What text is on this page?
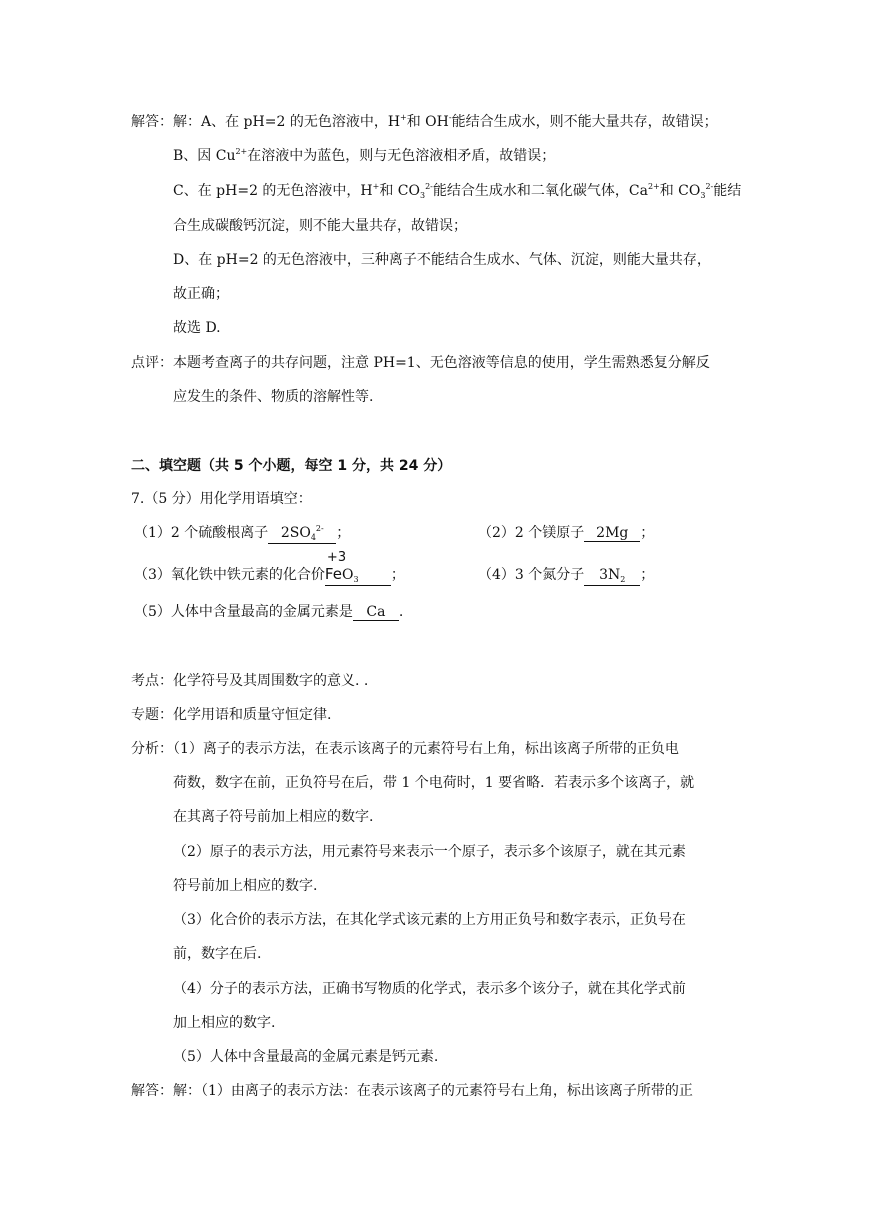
解答：解：A、在 pH=2 的无色溶液中，H+和 OH-能结合生成水，则不能大量共存，故错误；
B、因 $Cu^{2+}$在溶液中为蓝色，则与无色溶液相矛盾，故错误；
C、在 pH=2 的无色溶液中，H+和 $CO_3^{2-}$能结合生成水和二氧化碳气体，$Ca^{2+}$和 $CO_3^{2-}$能结
合生成碳酸钙沉淀，则不能大量共存，故错误；
D、在 pH=2 的无色溶液中，三种离子不能结合生成水、气体、沉淀，则能大量共存，
故正确；
故选 D.
点评：本题考查离子的共存问题，注意 PH=1、无色溶液等信息的使用，学生需熟悉复分解反
应发生的条件、物质的溶解性等.
二、填空题（共 5 个小题，每空 1 分，共 24 分）
7.（5 分）用化学用语填空：
（1）2 个硫酸根离子 $2SO_4^{2-}$ ；	（2）2 个镁原子 2Mg ；
（3）氧化铁中铁元素的化合价
+3
FeO$_3$ ；	（4）3 个氮分子 $3N_2$ ；
（5）人体中含量最高的金属元素是 Ca .
考点：化学符号及其周围数字的意义. .
专题：化学用语和质量守恒定律.
分析：（1）离子的表示方法，在表示该离子的元素符号右上角，标出该离子所带的正负电
荷数，数字在前，正负符号在后，带 1 个电荷时，1 要省略．若表示多个该离子，就
在其离子符号前加上相应的数字.
（2）原子的表示方法，用元素符号来表示一个原子，表示多个该原子，就在其元素
符号前加上相应的数字.
（3）化合价的表示方法，在其化学式该元素的上方用正负号和数字表示，正负号在
前，数字在后.
（4）分子的表示方法，正确书写物质的化学式，表示多个该分子，就在其化学式前
加上相应的数字.
（5）人体中含量最高的金属元素是钙元素.
解答：解：（1）由离子的表示方法：在表示该离子的元素符号右上角，标出该离子所带的正
